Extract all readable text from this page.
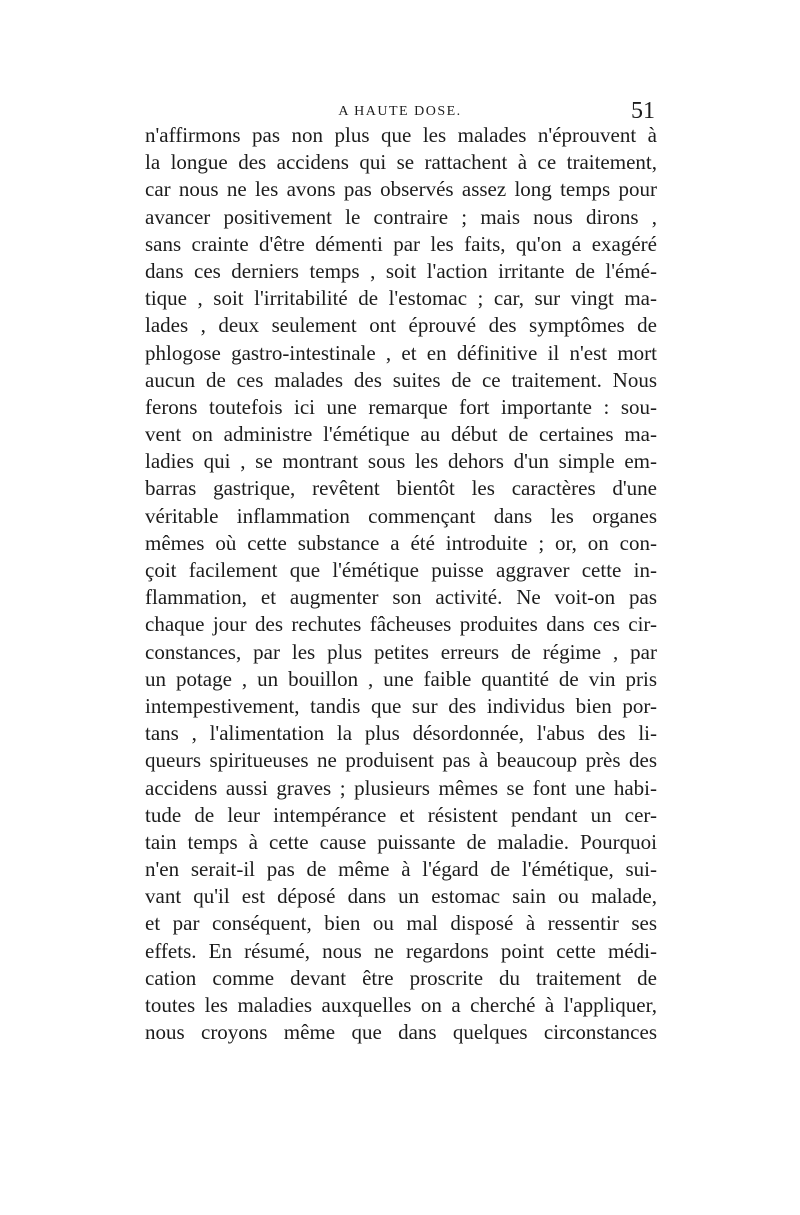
A HAUTE DOSE.	51
n'affirmons pas non plus que les malades n'éprouvent à
la longue des accidens qui se rattachent à ce traitement,
car nous ne les avons pas observés assez long temps pour
avancer positivement le contraire ; mais nous dirons ,
sans crainte d'être démenti par les faits, qu'on a exagéré
dans ces derniers temps , soit l'action irritante de l'émé-
tique , soit l'irritabilité de l'estomac ; car, sur vingt ma-
lades , deux seulement ont éprouvé des symptômes de
phlogose gastro-intestinale , et en définitive il n'est mort
aucun de ces malades des suites de ce traitement. Nous
ferons toutefois ici une remarque fort importante : sou-
vent on administre l'émétique au début de certaines ma-
ladies qui , se montrant sous les dehors d'un simple em-
barras gastrique, revêtent bientôt les caractères d'une
véritable inflammation commençant dans les organes
mêmes où cette substance a été introduite ; or, on con-
çoit facilement que l'émétique puisse aggraver cette in-
flammation, et augmenter son activité. Ne voit-on pas
chaque jour des rechutes fâcheuses produites dans ces cir-
constances, par les plus petites erreurs de régime , par
un potage , un bouillon , une faible quantité de vin pris
intempestivement, tandis que sur des individus bien por-
tans , l'alimentation la plus désordonnée, l'abus des li-
queurs spiritueuses ne produisent pas à beaucoup près des
accidens aussi graves ; plusieurs mêmes se font une habi-
tude de leur intempérance et résistent pendant un cer-
tain temps à cette cause puissante de maladie. Pourquoi
n'en serait-il pas de même à l'égard de l'émétique, sui-
vant qu'il est déposé dans un estomac sain ou malade,
et par conséquent, bien ou mal disposé à ressentir ses
effets. En résumé, nous ne regardons point cette médi-
cation comme devant être proscrite du traitement de
toutes les maladies auxquelles on a cherché à l'appliquer,
nous croyons même que dans quelques circonstances
